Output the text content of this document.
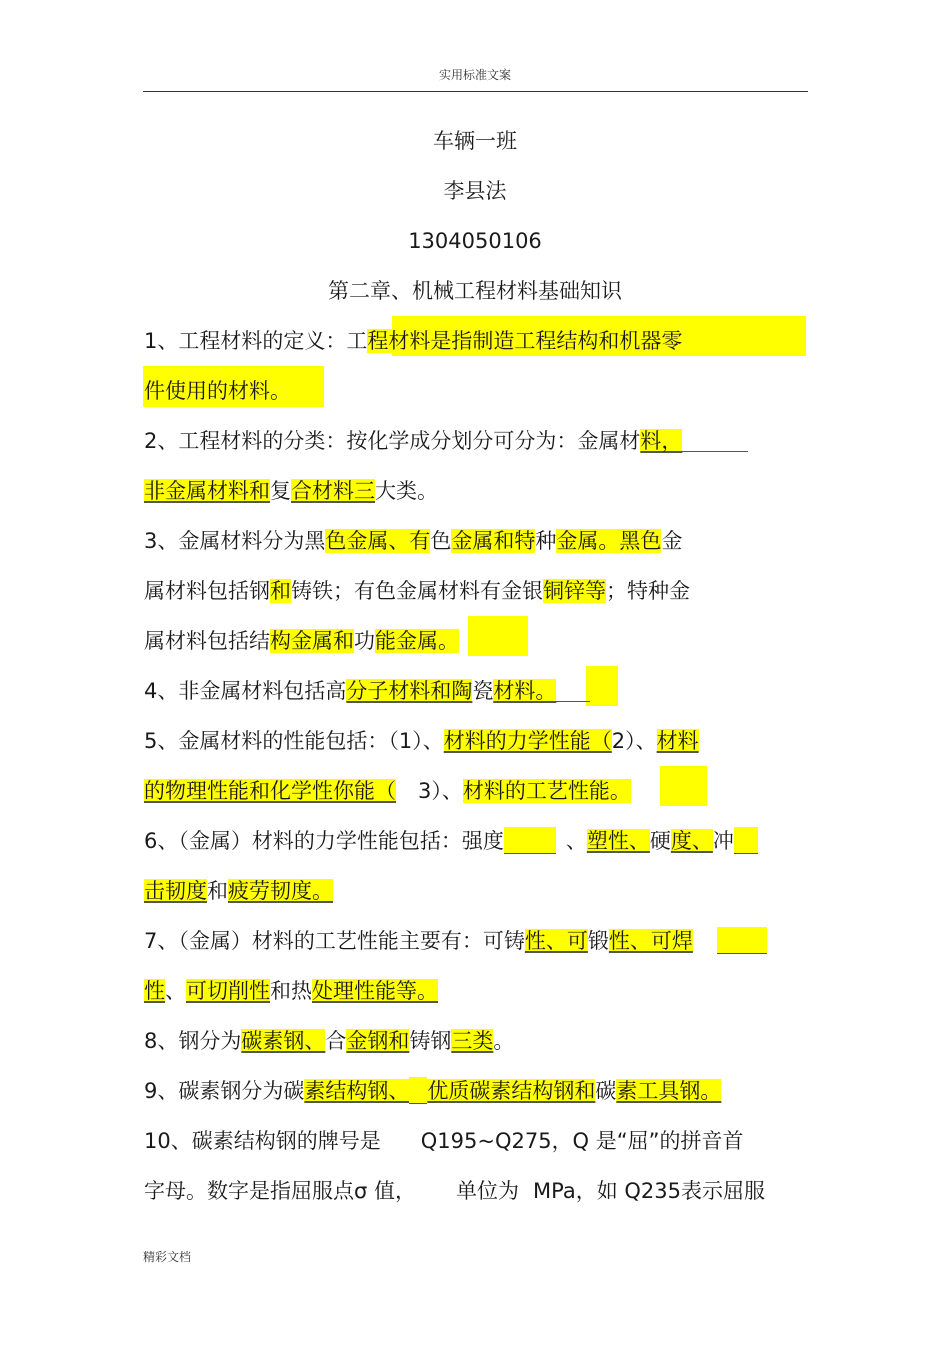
实用标准文案
车辆一班
李县法
1304050106
第二章、机械工程材料基础知识
1、工程材料的定义：工程材料是指制造工程结构和机器零
件使用的材料。
2、工程材料的分类：按化学成分划分可分为：金属材料，
非金属材料和复合材料三大类。
3、金属材料分为黑色金属、有色金属和特种金属。黑色金
属材料包括钢和铸铁；有色金属材料有金银铜锌等；特种金
属材料包括结构金属和功能金属。
4、非金属材料包括高分子材料和陶瓷材料。
5、金属材料的性能包括：（1）、材料的力学性能（2）、材料
的物理性能和化学性你能（ 3）、材料的工艺性能。
6、（金属）材料的力学性能包括：强度	、塑性、硬度、冲
击韧度和疲劳韧度。
7、（金属）材料的工艺性能主要有：可铸性、可锻性、可焊
性、可切削性和热处理性能等。
8、钢分为碳素钢、合金钢和铸钢三类。
9、碳素钢分为碳素结构钢、 优质碳素结构钢和碳素工具钢。
10、碳素结构钢的牌号是 Q195~Q275，Q 是“屈”的拼音首
字母。数字是指屈服点σ 值， 单位为 MPa，如 Q235表示屈服
精彩文档
